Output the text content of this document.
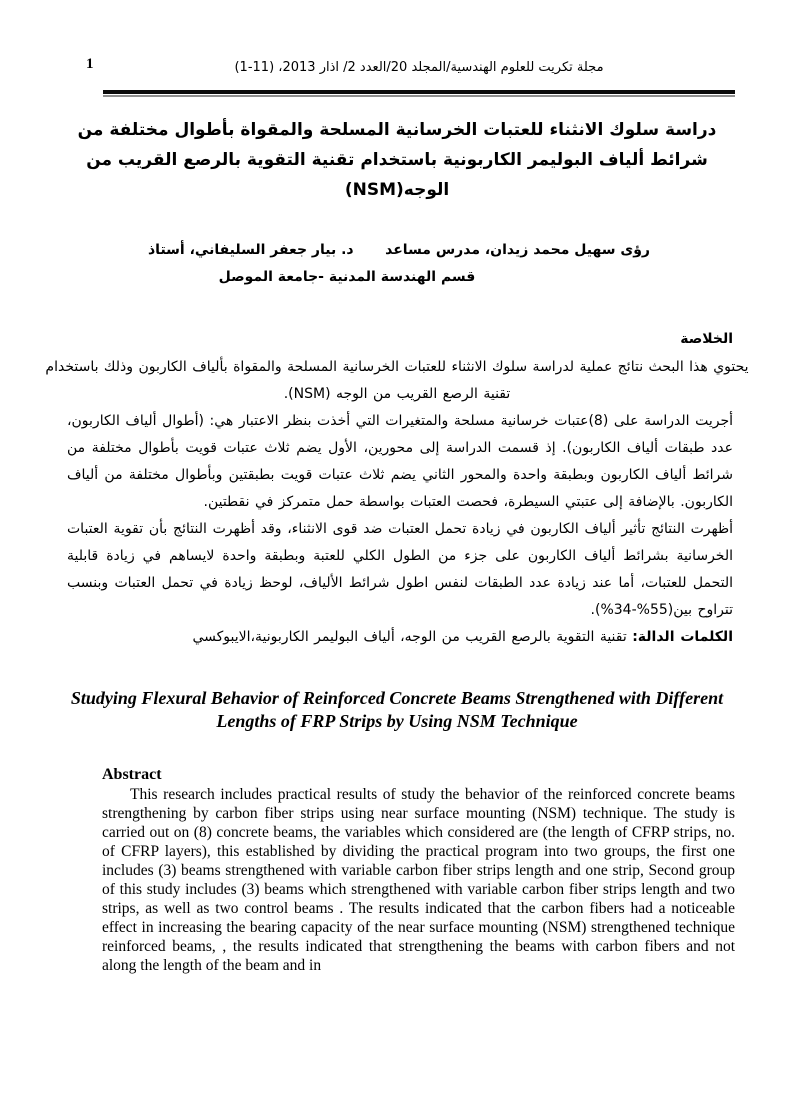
1	مجلة تكريت للعلوم الهندسية/المجلد 20/العدد 2/ اذار 2013، (11-1)
دراسة سلوك الانثناء للعتبات الخرسانية المسلحة والمقواة بأطوال مختلفة من شرائط ألياف البوليمر الكاربونية باستخدام تقنية التقوية بالرصع القريب من الوجه(NSM)
رؤى سهيل محمد زيدان، مدرس مساعد
د. بيار جعفر السليفاني، أستاذ
قسم الهندسة المدنية -جامعة الموصل
الخلاصة

يحتوي هذا البحث نتائج عملية لدراسة سلوك الانثناء للعتبات الخرسانية المسلحة والمقواة بألياف الكاربون وذلك باستخدام تقنية الرصع القريب من الوجه (NSM).

أجريت الدراسة على (8)عتبات خرسانية مسلحة والمتغيرات التي أخذت بنظر الاعتبار هي: (أطوال ألياف الكاربون، عدد طبقات ألياف الكاربون). إذ قسمت الدراسة إلى محورين، الأول يضم ثلاث عتبات قويت بأطوال مختلفة من شرائط ألياف الكاربون وبطبقة واحدة والمحور الثاني يضم ثلاث عتبات قويت بطبقتين وبأطوال مختلفة من ألياف الكاربون. بالإضافة إلى عتبتي السيطرة، فحصت العتبات بواسطة حمل متمركز في نقطتين.

أظهرت النتائج تأثير ألياف الكاربون في زيادة تحمل العتبات ضد قوى الانثناء، وقد أظهرت النتائج بأن تقوية العتبات الخرسانية بشرائط ألياف الكاربون على جزء من الطول الكلي للعتبة وبطبقة واحدة لايساهم في زيادة قابلية التحمل للعتبات، أما عند زيادة عدد الطبقات لنفس اطول شرائط الألياف، لوحظ زيادة في تحمل العتبات وبنسب تتراوح بين(55%-34%).

الكلمات الدالة: تقنية التقوية بالرصع القريب من الوجه، ألياف البوليمر الكاربونية،الايبوكسي

Studying Flexural Behavior of Reinforced Concrete Beams Strengthened with Different Lengths of FRP Strips by Using NSM Technique
Abstract

This research includes practical results of study the behavior of the reinforced concrete beams strengthening by carbon fiber strips using near surface mounting (NSM) technique. The study is carried out on (8) concrete beams, the variables which considered are (the length of CFRP strips, no. of CFRP layers), this established by dividing the practical program into two groups, the first one includes (3) beams strengthened with variable carbon fiber strips length and one strip, Second group of this study includes (3) beams which strengthened with variable carbon fiber strips length and two strips, as well as two control beams . The results indicated that the carbon fibers had a noticeable effect in increasing the bearing capacity of the near surface mounting (NSM) strengthened technique reinforced beams, , the results indicated that strengthening the beams with carbon fibers and not along the length of the beam and in
